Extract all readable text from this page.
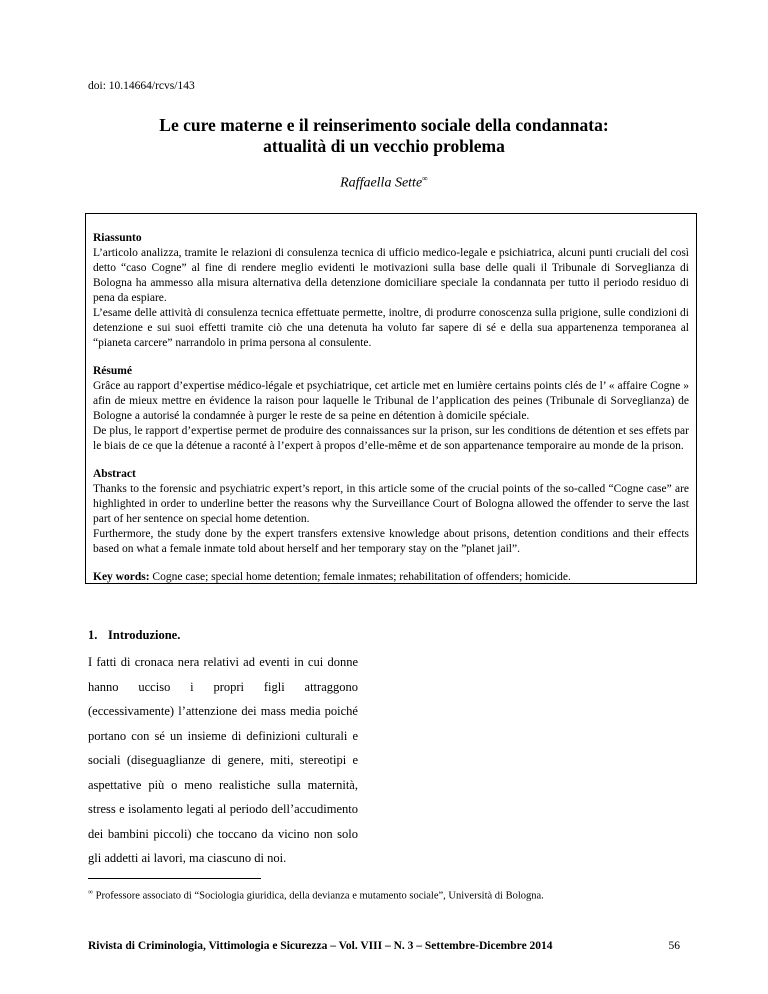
doi: 10.14664/rcvs/143
Le cure materne e il reinserimento sociale della condannata:
attualità di un vecchio problema
Raffaella Sette∞
Riassunto

L’articolo analizza, tramite le relazioni di consulenza tecnica di ufficio medico-legale e psichiatrica, alcuni punti cruciali del così detto “caso Cogne” al fine di rendere meglio evidenti le motivazioni sulla base delle quali il Tribunale di Sorveglianza di Bologna ha ammesso alla misura alternativa della detenzione domiciliare speciale la condannata per tutto il periodo residuo di pena da espiare.

L’esame delle attività di consulenza tecnica effettuate permette, inoltre, di produrre conoscenza sulla prigione, sulle condizioni di detenzione e sui suoi effetti tramite ciò che una detenuta ha voluto far sapere di sé e della sua appartenenza temporanea al “pianeta carcere” narrandolo in prima persona al consulente.

Résumé

Grâce au rapport d’expertise médico-légale et psychiatrique, cet article met en lumière certains points clés de l’ « affaire Cogne » afin de mieux mettre en évidence la raison pour laquelle le Tribunal de l’application des peines (Tribunale di Sorveglianza) de Bologne a autorisé la condamnée à purger le reste de sa peine en détention à domicile spéciale.

De plus, le rapport d’expertise permet de produire des connaissances sur la prison, sur les conditions de détention et ses effets par le biais de ce que la détenue a raconté à l’expert à propos d’elle-même et de son appartenance temporaire au monde de la prison.

Abstract

Thanks to the forensic and psychiatric expert’s report, in this article some of the crucial points of the so-called “Cogne case” are highlighted in order to underline better the reasons why the Surveillance Court of Bologna allowed the offender to serve the last part of her sentence on special home detention.

Furthermore, the study done by the expert transfers extensive knowledge about prisons, detention conditions and their effects based on what a female inmate told about herself and her temporary stay on the ”planet jail”.

Key words: Cogne case; special home detention; female inmates; rehabilitation of offenders; homicide.
1. Introduzione.
I fatti di cronaca nera relativi ad eventi in cui donne hanno ucciso i propri figli attraggono (eccessivamente) l’attenzione dei mass media poiché portano con sé un insieme di definizioni culturali e sociali (diseguaglianze di genere, miti, stereotipi e aspettative più o meno realistiche sulla maternità, stress e isolamento legati al periodo dell’accudimento dei bambini piccoli) che toccano da vicino non solo gli addetti ai lavori, ma ciascuno di noi.
∞ Professore associato di “Sociologia giuridica, della devianza e mutamento sociale”, Università di Bologna.
Rivista di Criminologia, Vittimologia e Sicurezza – Vol. VIII – N. 3 – Settembre-Dicembre 2014	56
